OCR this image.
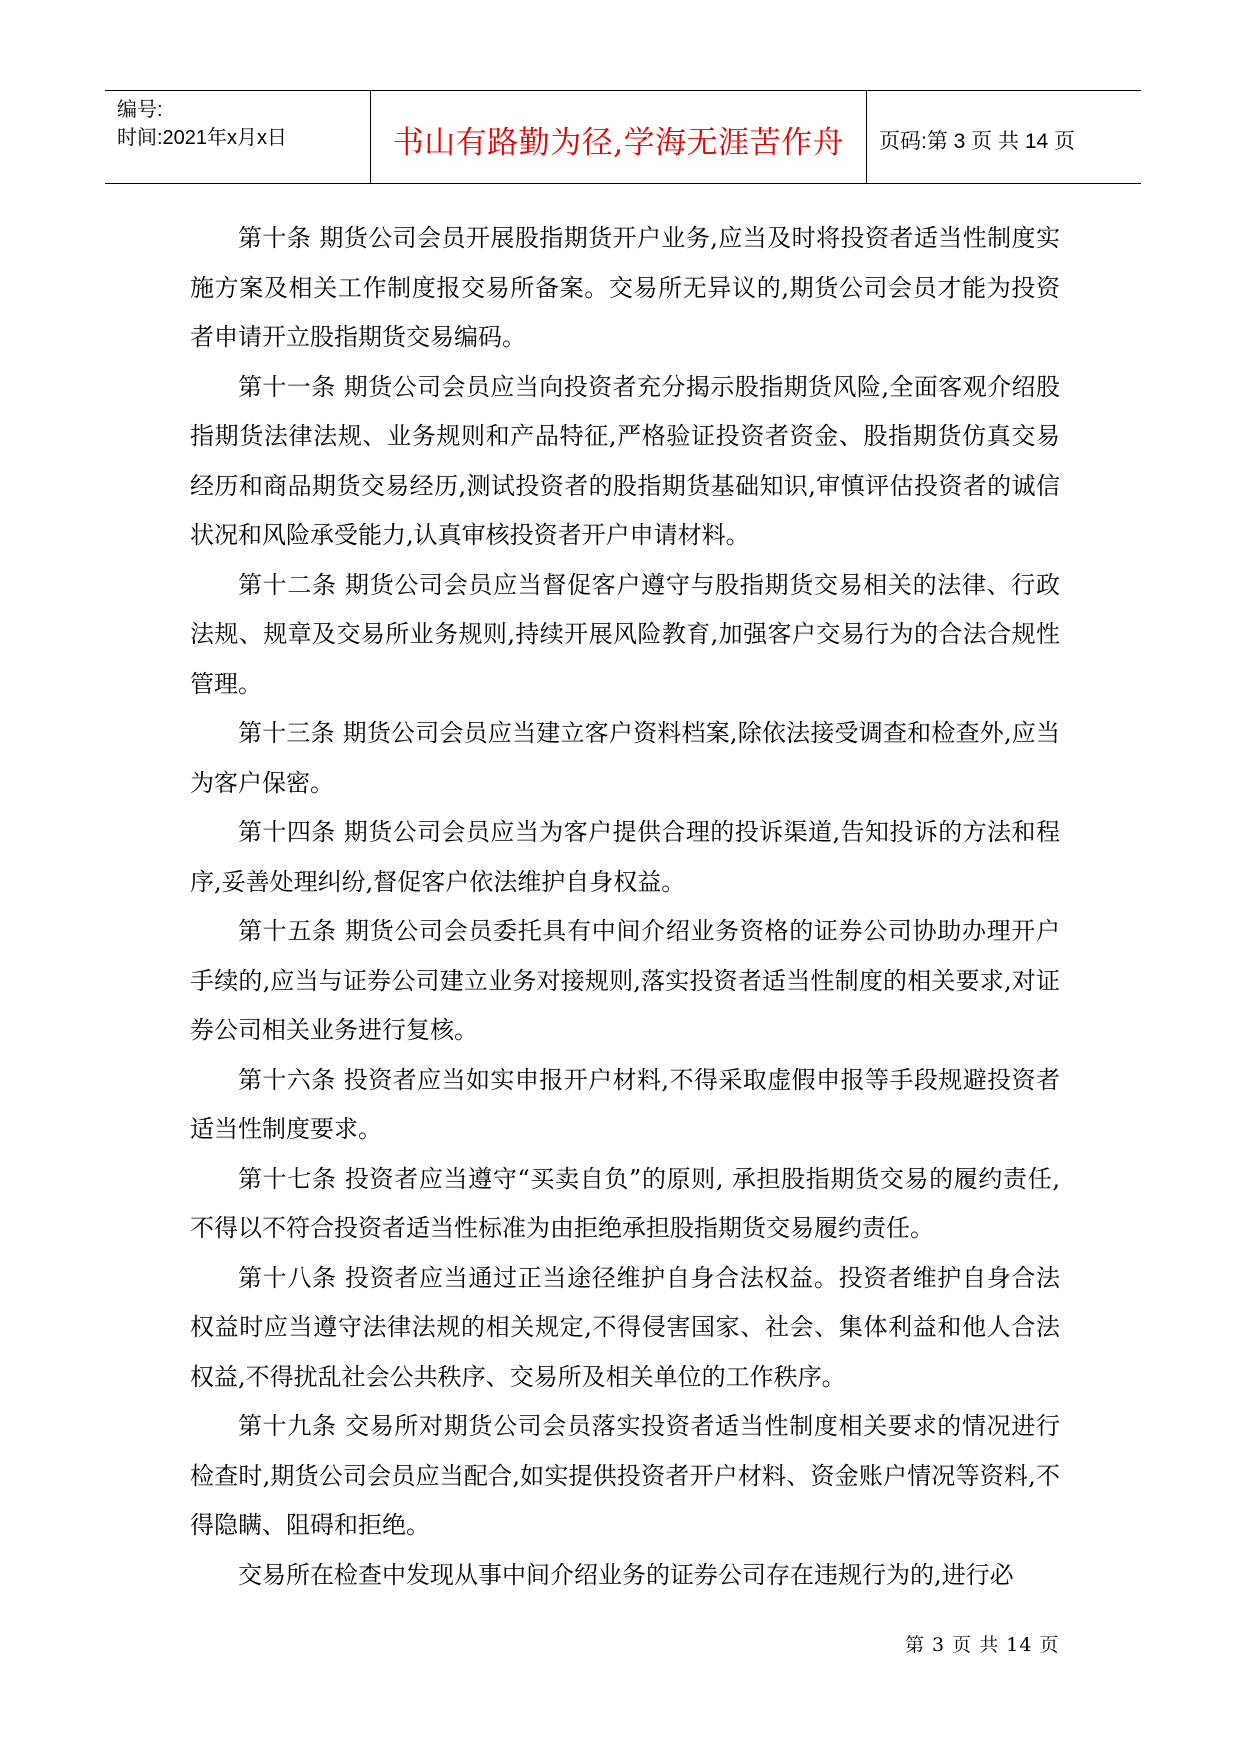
编号:
时间:2021年x月x日	书山有路勤为径,学海无涯苦作舟	页码:第 3 页 共 14 页

第十条 期货公司会员开展股指期货开户业务,应当及时将投资者适当性制度实施方案及相关工作制度报交易所备案。交易所无异议的,期货公司会员才能为投资者申请开立股指期货交易编码。

第十一条 期货公司会员应当向投资者充分揭示股指期货风险,全面客观介绍股指期货法律法规、业务规则和产品特征,严格验证投资者资金、股指期货仿真交易经历和商品期货交易经历,测试投资者的股指期货基础知识,审慎评估投资者的诚信状况和风险承受能力,认真审核投资者开户申请材料。

第十二条 期货公司会员应当督促客户遵守与股指期货交易相关的法律、行政法规、规章及交易所业务规则,持续开展风险教育,加强客户交易行为的合法合规性管理。

第十三条 期货公司会员应当建立客户资料档案,除依法接受调查和检查外,应当为客户保密。

第十四条 期货公司会员应当为客户提供合理的投诉渠道,告知投诉的方法和程序,妥善处理纠纷,督促客户依法维护自身权益。

第十五条 期货公司会员委托具有中间介绍业务资格的证券公司协助办理开户手续的,应当与证券公司建立业务对接规则,落实投资者适当性制度的相关要求,对证券公司相关业务进行复核。

第十六条 投资者应当如实申报开户材料,不得采取虚假申报等手段规避投资者适当性制度要求。

第十七条 投资者应当遵守“买卖自负”的原则, 承担股指期货交易的履约责任,不得以不符合投资者适当性标准为由拒绝承担股指期货交易履约责任。

第十八条 投资者应当通过正当途径维护自身合法权益。投资者维护自身合法权益时应当遵守法律法规的相关规定,不得侵害国家、社会、集体利益和他人合法权益,不得扰乱社会公共秩序、交易所及相关单位的工作秩序。

第十九条 交易所对期货公司会员落实投资者适当性制度相关要求的情况进行检查时,期货公司会员应当配合,如实提供投资者开户材料、资金账户情况等资料,不得隐瞒、阻碍和拒绝。

交易所在检查中发现从事中间介绍业务的证券公司存在违规行为的,进行必

第 3 页 共 14 页
